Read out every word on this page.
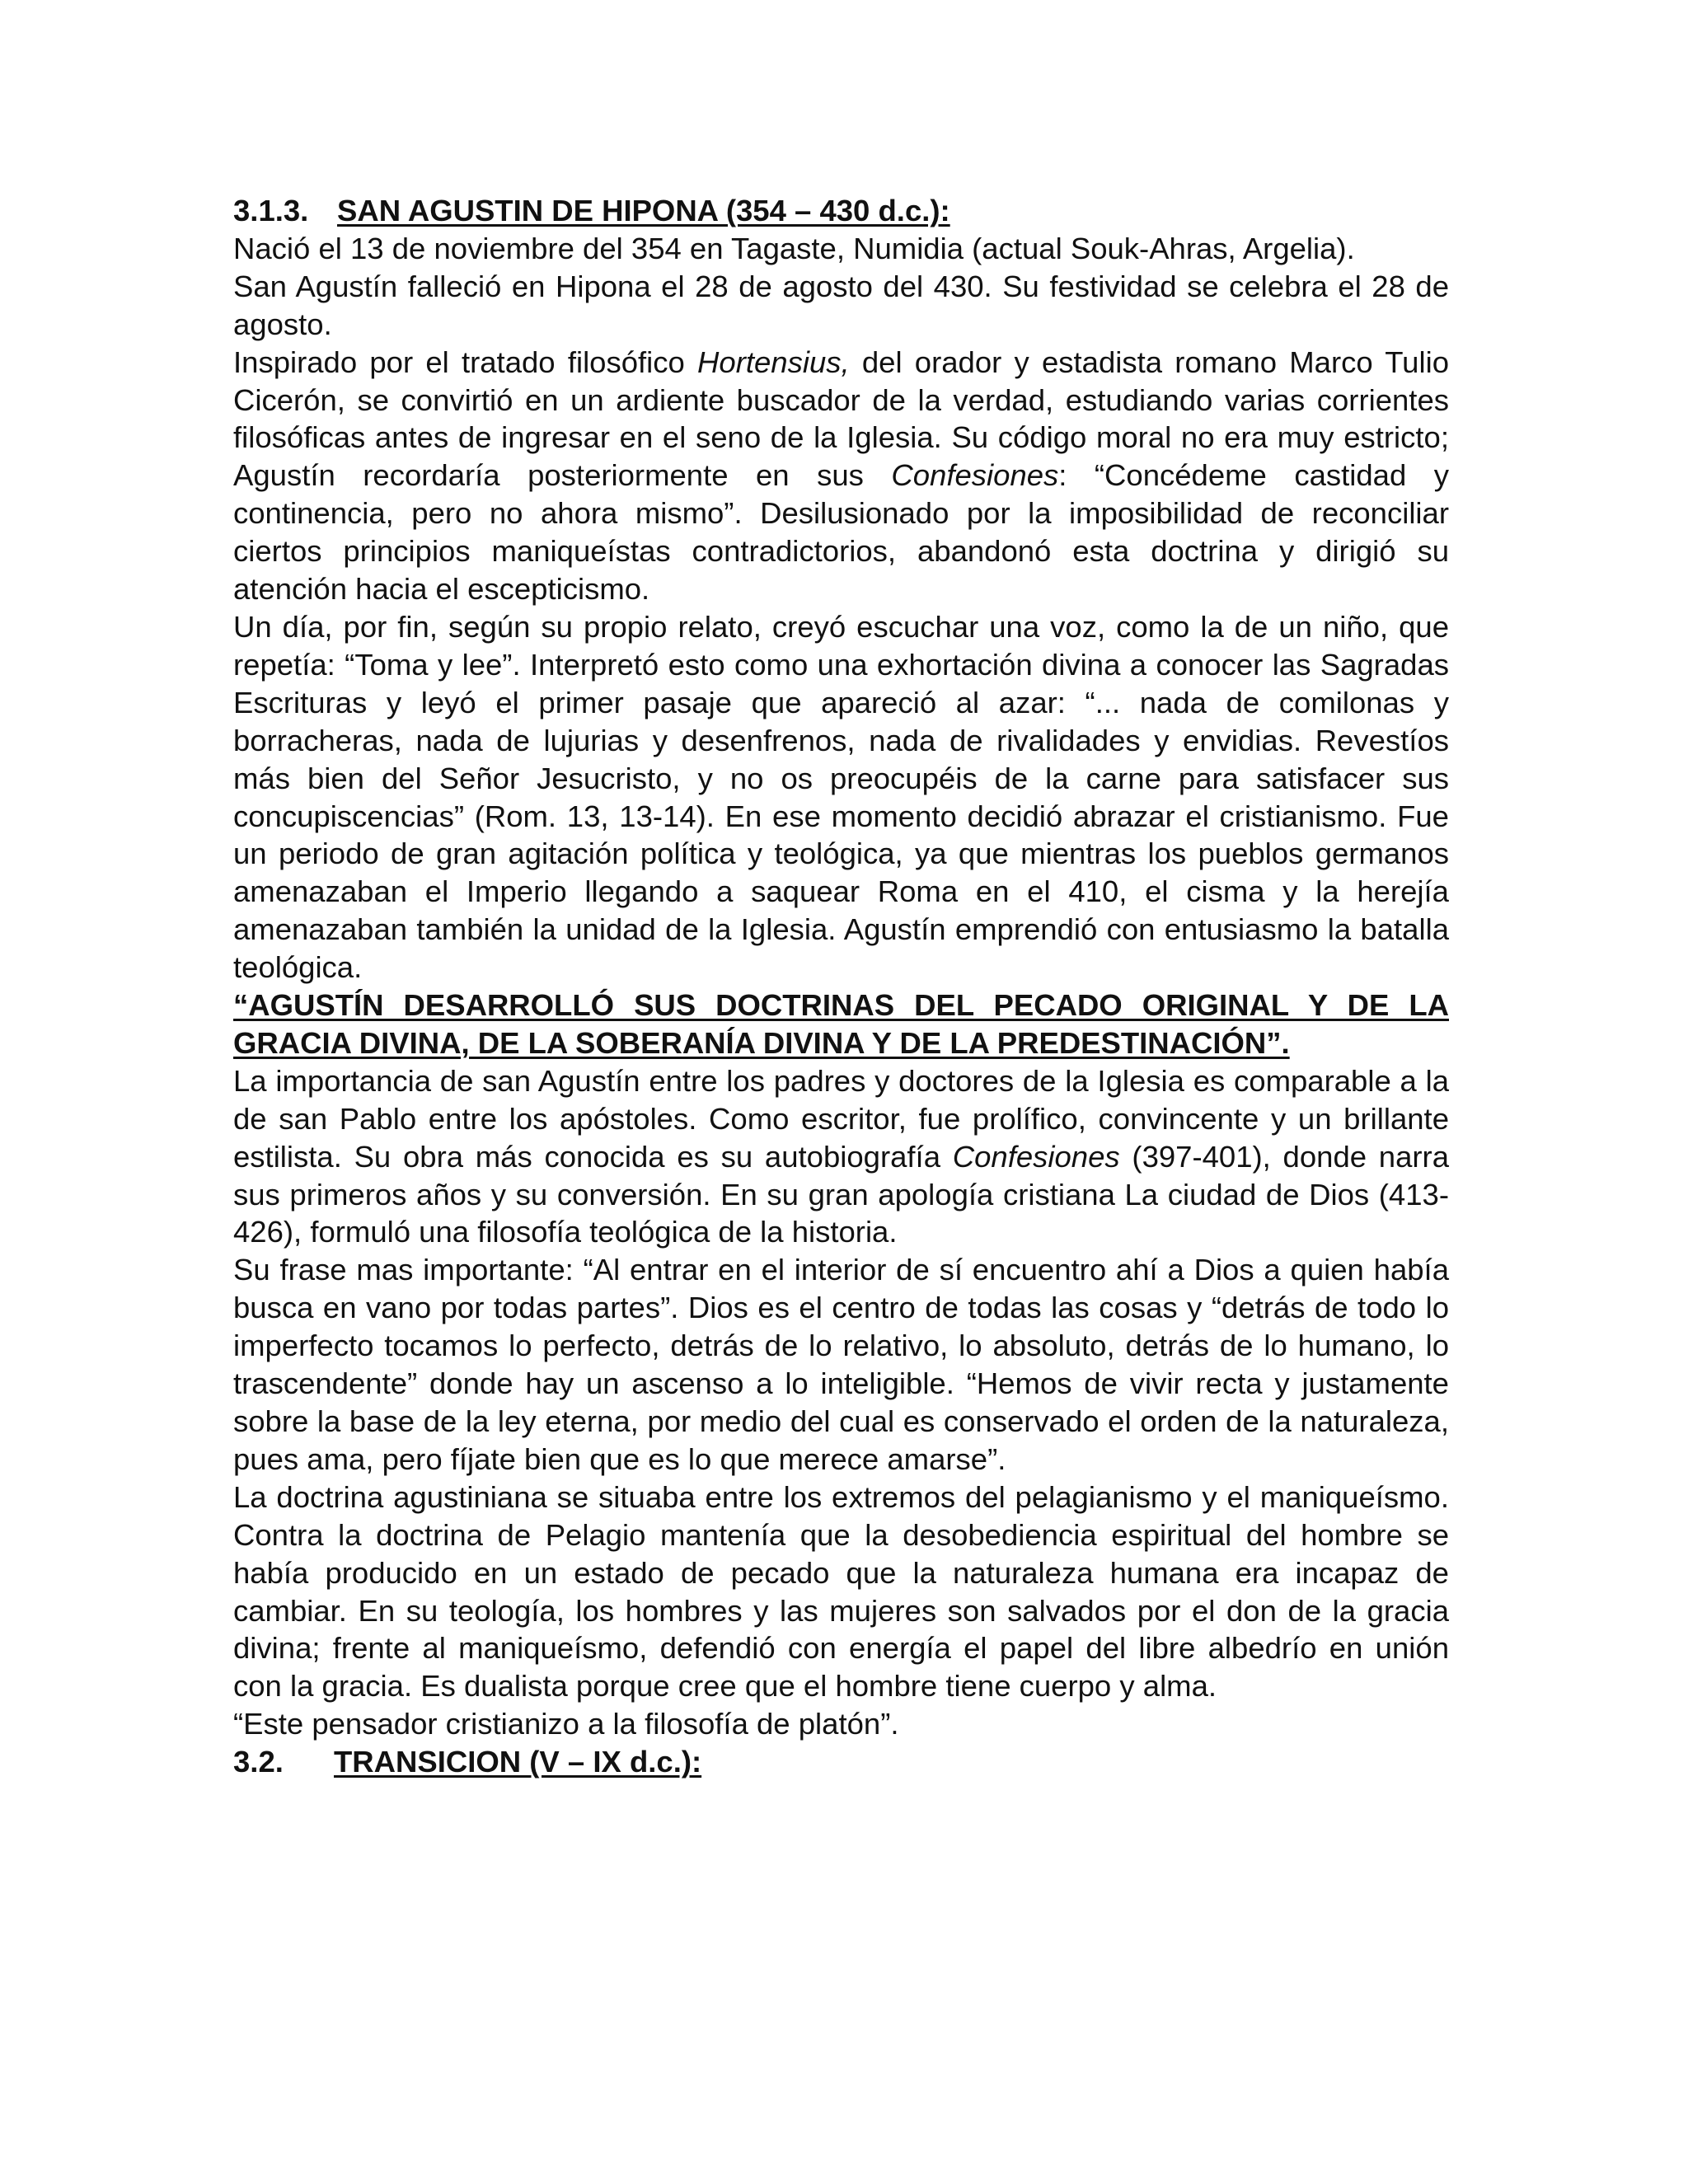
3.1.3. SAN AGUSTIN DE HIPONA (354 – 430 d.c.):

Nació el 13 de noviembre del 354 en Tagaste, Numidia (actual Souk-Ahras, Argelia).

San Agustín falleció en Hipona el 28 de agosto del 430. Su festividad se celebra el 28 de agosto.

Inspirado por el tratado filosófico Hortensius, del orador y estadista romano Marco Tulio Cicerón, se convirtió en un ardiente buscador de la verdad, estudiando varias corrientes filosóficas antes de ingresar en el seno de la Iglesia. Su código moral no era muy estricto; Agustín recordaría posteriormente en sus Confesiones: “Concédeme castidad y continencia, pero no ahora mismo”. Desilusionado por la imposibilidad de reconciliar ciertos principios maniqueístas contradictorios, abandonó esta doctrina y dirigió su atención hacia el escepticismo.

Un día, por fin, según su propio relato, creyó escuchar una voz, como la de un niño, que repetía: “Toma y lee”. Interpretó esto como una exhortación divina a conocer las Sagradas Escrituras y leyó el primer pasaje que apareció al azar: “... nada de comilonas y borracheras, nada de lujurias y desenfrenos, nada de rivalidades y envidias. Revestíos más bien del Señor Jesucristo, y no os preocupéis de la carne para satisfacer sus concupiscencias” (Rom. 13, 13-14). En ese momento decidió abrazar el cristianismo. Fue un periodo de gran agitación política y teológica, ya que mientras los pueblos germanos amenazaban el Imperio llegando a saquear Roma en el 410, el cisma y la herejía amenazaban también la unidad de la Iglesia. Agustín emprendió con entusiasmo la batalla teológica.

“AGUSTÍN DESARROLLÓ SUS DOCTRINAS DEL PECADO ORIGINAL Y DE LA GRACIA DIVINA, DE LA SOBERANÍA DIVINA Y DE LA PREDESTINACIÓN”.

La importancia de san Agustín entre los padres y doctores de la Iglesia es comparable a la de san Pablo entre los apóstoles. Como escritor, fue prolífico, convincente y un brillante estilista. Su obra más conocida es su autobiografía Confesiones (397-401), donde narra sus primeros años y su conversión. En su gran apología cristiana La ciudad de Dios (413-426), formuló una filosofía teológica de la historia.

Su frase mas importante: “Al entrar en el interior de sí encuentro ahí a Dios a quien había busca en vano por todas partes”. Dios es el centro de todas las cosas y “detrás de todo lo imperfecto tocamos lo perfecto, detrás de lo relativo, lo absoluto, detrás de lo humano, lo trascendente” donde hay un ascenso a lo inteligible. “Hemos de vivir recta y justamente sobre la base de la ley eterna, por medio del cual es conservado el orden de la naturaleza, pues ama, pero fíjate bien que es lo que merece amarse”.

La doctrina agustiniana se situaba entre los extremos del pelagianismo y el maniqueísmo. Contra la doctrina de Pelagio mantenía que la desobediencia espiritual del hombre se había producido en un estado de pecado que la naturaleza humana era incapaz de cambiar. En su teología, los hombres y las mujeres son salvados por el don de la gracia divina; frente al maniqueísmo, defendió con energía el papel del libre albedrío en unión con la gracia. Es dualista porque cree que el hombre tiene cuerpo y alma.

“Este pensador cristianizo a la filosofía de platón”.

3.2. TRANSICION (V – IX d.c.):
